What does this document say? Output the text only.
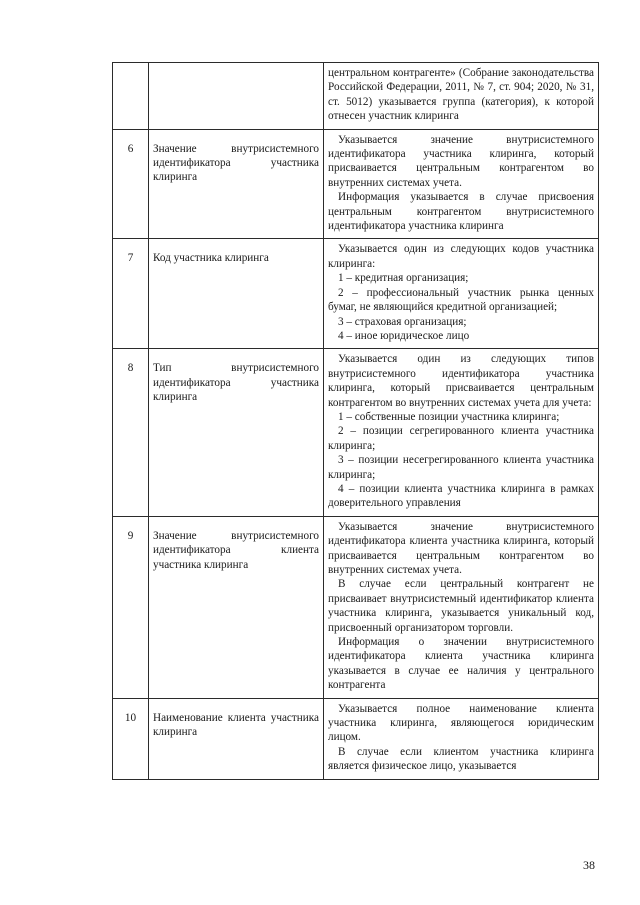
		центральном контрагенте» (Собрание законодательства Российской Федерации, 2011, № 7, ст. 904; 2020, № 31, ст. 5012) указывается группа (категория), к которой отнесен участник клиринга

6	Значение внутрисистемного идентификатора участника клиринга	Указывается значение внутрисистемного идентификатора участника клиринга, который присваивается центральным контрагентом во внутренних системах учета.

Информация указывается в случае присвоения центральным контрагентом внутрисистемного идентификатора участника клиринга

7	Код участника клиринга	Указывается один из следующих кодов участника клиринга:

1 – кредитная организация;

2 – профессиональный участник рынка ценных бумаг, не являющийся кредитной организацией;

3 – страховая организация;

4 – иное юридическое лицо

8	Тип внутрисистемного идентификатора участника клиринга	Указывается один из следующих типов внутрисистемного идентификатора участника клиринга, который присваивается центральным контрагентом во внутренних системах учета для учета:

1 – собственные позиции участника клиринга;

2 – позиции сегрегированного клиента участника клиринга;

3 – позиции несегрегированного клиента участника клиринга;

4 – позиции клиента участника клиринга в рамках доверительного управления

9	Значение внутрисистемного идентификатора клиента участника клиринга	Указывается значение внутрисистемного идентификатора клиента участника клиринга, который присваивается центральным контрагентом во внутренних системах учета.

В случае если центральный контрагент не присваивает внутрисистемный идентификатор клиента участника клиринга, указывается уникальный код, присвоенный организатором торговли.

Информация о значении внутрисистемного идентификатора клиента участника клиринга указывается в случае ее наличия у центрального контрагента

10	Наименование клиента участника клиринга	Указывается полное наименование клиента участника клиринга, являющегося юридическим лицом.

В случае если клиентом участника клиринга является физическое лицо, указывается

38
